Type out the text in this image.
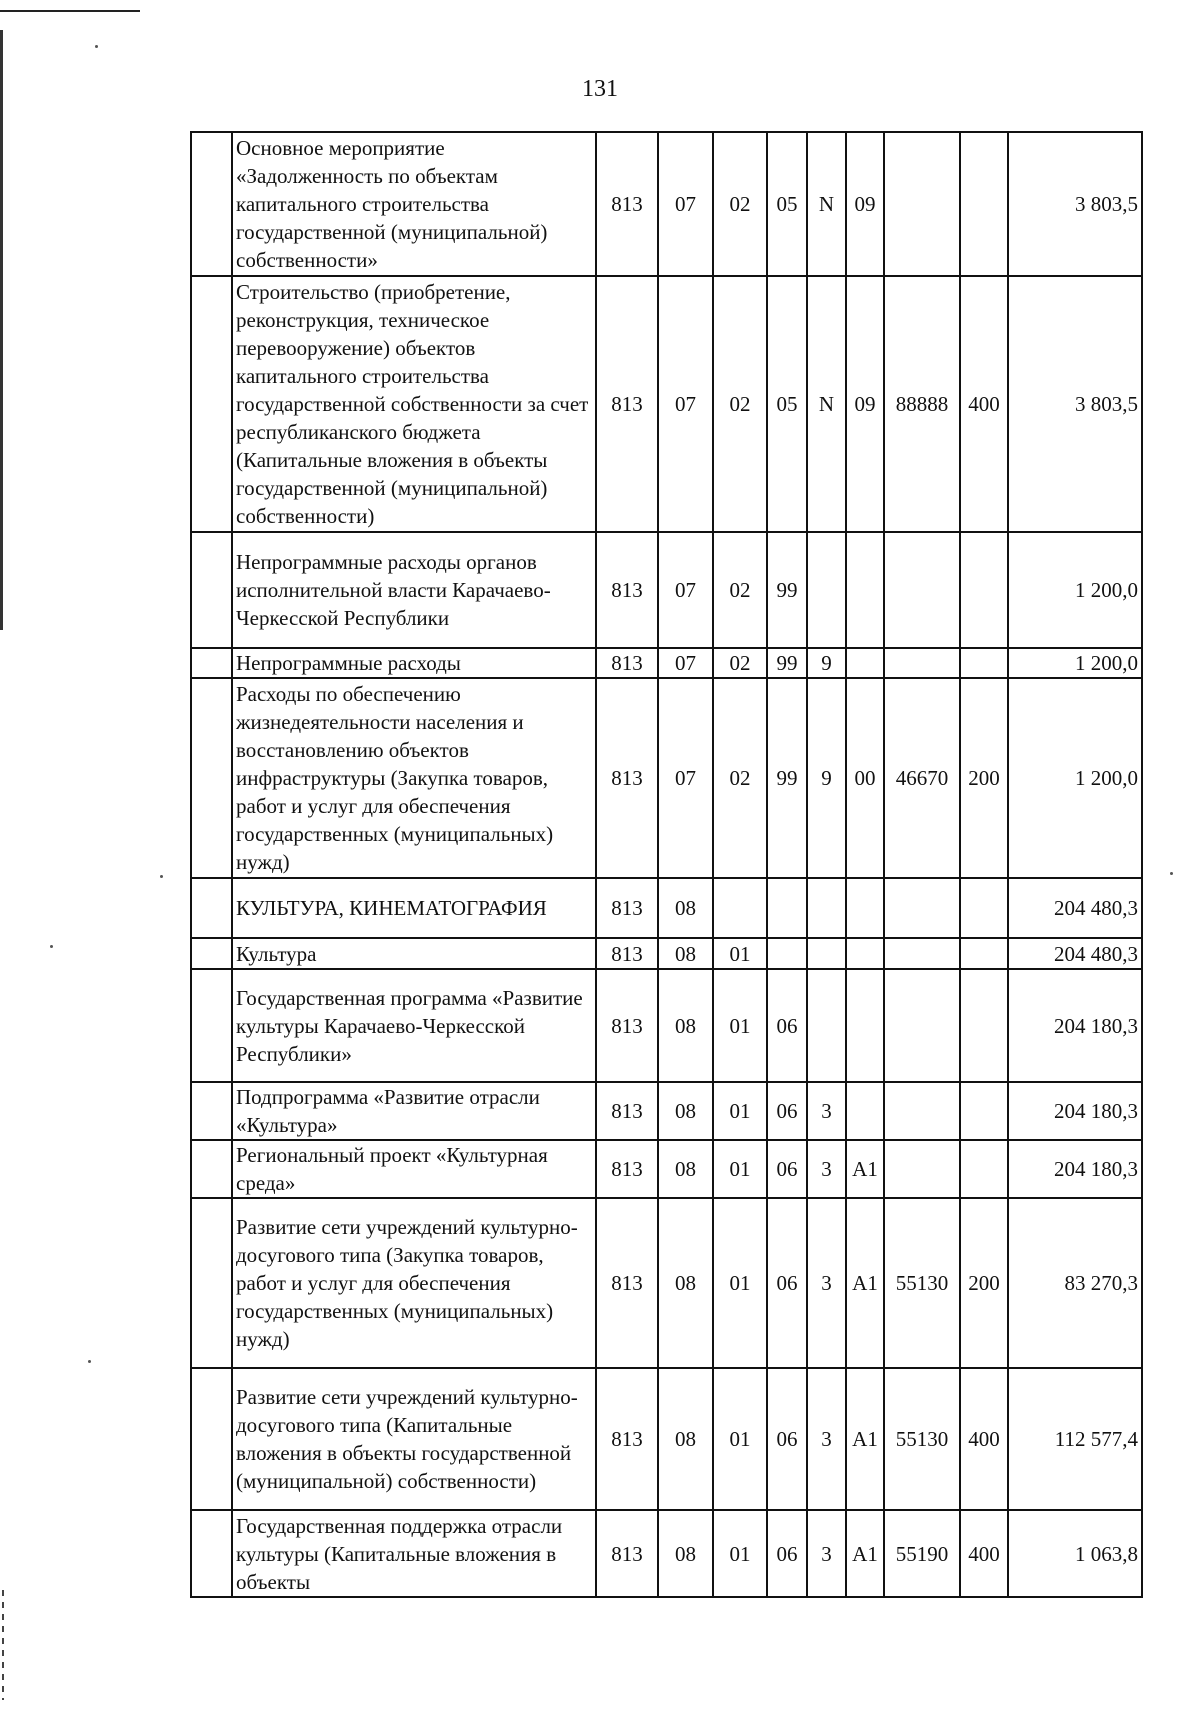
131
	Основное мероприятие «Задолженность по объектам капитального строительства государственной (муниципальной) собственности»	813	07	02	05	N	09			3 803,5
	Строительство (приобретение, реконструкция, техническое перевооружение) объектов капитального строительства государственной собственности за счет республиканского бюджета (Капитальные вложения в объекты государственной (муниципальной) собственности)	813	07	02	05	N	09	88888	400	3 803,5
	Непрограммные расходы органов исполнительной власти Карачаево-Черкесской Республики	813	07	02	99					1 200,0
	Непрограммные расходы	813	07	02	99	9				1 200,0
	Расходы по обеспечению жизнедеятельности населения и восстановлению объектов инфраструктуры (Закупка товаров, работ и услуг для обеспечения государственных (муниципальных) нужд)	813	07	02	99	9	00	46670	200	1 200,0
	КУЛЬТУРА, КИНЕМАТОГРАФИЯ	813	08							204 480,3
	Культура	813	08	01						204 480,3
	Государственная программа «Развитие культуры Карачаево-Черкесской Республики»	813	08	01	06					204 180,3
	Подпрограмма «Развитие отрасли «Культура»	813	08	01	06	3				204 180,3
	Региональный проект «Культурная среда»	813	08	01	06	3	A1			204 180,3
	Развитие сети учреждений культурно-досугового типа (Закупка товаров, работ и услуг для обеспечения государственных (муниципальных) нужд)	813	08	01	06	3	A1	55130	200	83 270,3
	Развитие сети учреждений культурно-досугового типа (Капитальные вложения в объекты государственной (муниципальной) собственности)	813	08	01	06	3	A1	55130	400	112 577,4
	Государственная поддержка отрасли культуры (Капитальные вложения в объекты	813	08	01	06	3	A1	55190	400	1 063,8
